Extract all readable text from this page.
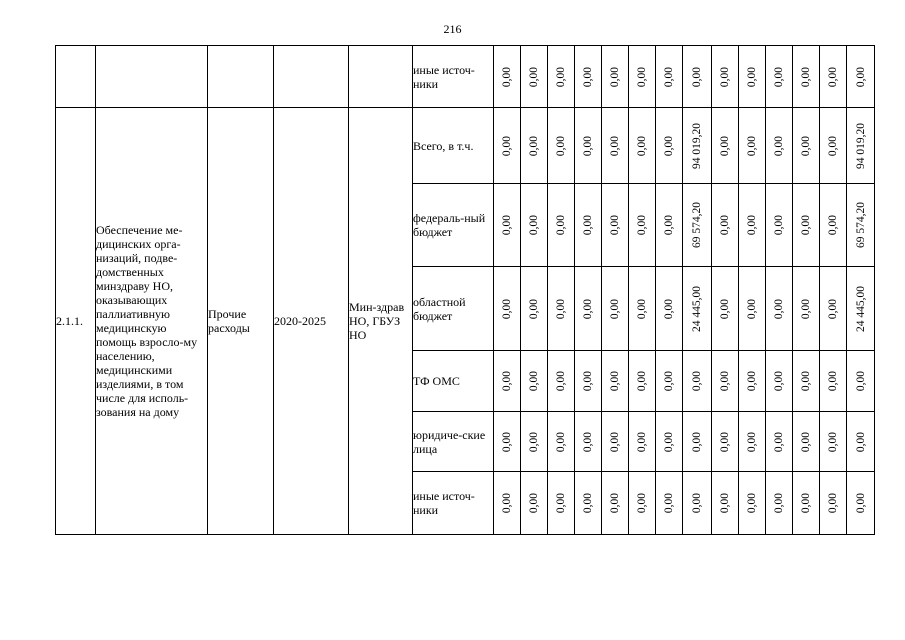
216
					иные источ-ники	0,00	0,00	0,00	0,00	0,00	0,00	0,00	0,00	0,00	0,00	0,00	0,00	0,00	0,00

2.1.1.	Обеспечение ме-дицинских орга-низаций, подве-домственных минздраву НО, оказывающих паллиативную медицинскую помощь взросло-му населению, медицинскими изделиями, в том числе для исполь-зования на дому	Прочие расходы	2020-2025	Мин-здрав НО, ГБУЗ НО	Всего, в т.ч.	0,00	0,00	0,00	0,00	0,00	0,00	0,00	94 019,20	0,00	0,00	0,00	0,00	0,00	94 019,20

					федераль-ный бюджет	0,00	0,00	0,00	0,00	0,00	0,00	0,00	69 574,20	0,00	0,00	0,00	0,00	0,00	69 574,20

					областной бюджет	0,00	0,00	0,00	0,00	0,00	0,00	0,00	24 445,00	0,00	0,00	0,00	0,00	0,00	24 445,00

					ТФ ОМС	0,00	0,00	0,00	0,00	0,00	0,00	0,00	0,00	0,00	0,00	0,00	0,00	0,00	0,00

					юридиче-ские лица	0,00	0,00	0,00	0,00	0,00	0,00	0,00	0,00	0,00	0,00	0,00	0,00	0,00	0,00

					иные источ-ники	0,00	0,00	0,00	0,00	0,00	0,00	0,00	0,00	0,00	0,00	0,00	0,00	0,00	0,00
